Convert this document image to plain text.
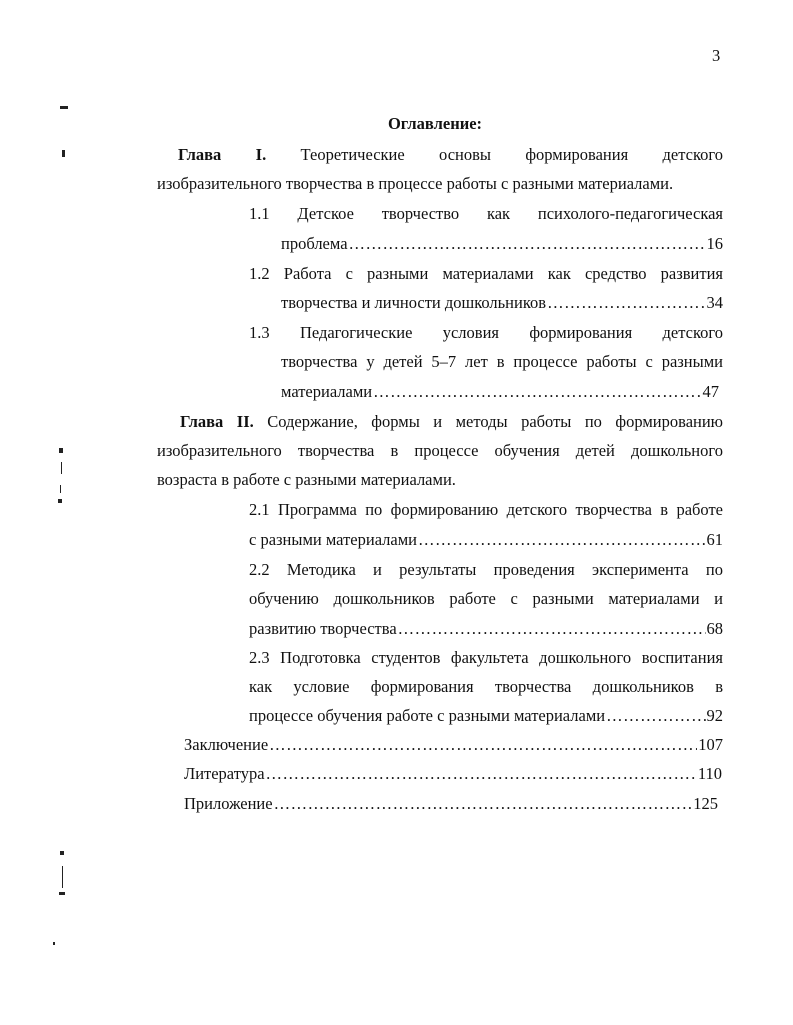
3
Оглавление:
Глава I. Теоретические основы формирования детского
изобразительного творчества в процессе работы с разными материалами.
1.1 Детское творчество как психолого-педагогическая
проблема …………………………………………………………………………………………………………………………………………………………	16
1.2 Работа с разными материалами как средство развития
творчества и личности дошкольников …………………………………………………………………………………………………………………………………………………………	34
1.3 Педагогические условия формирования детского
творчества у детей 5–7 лет в процессе работы с разными
материалами …………………………………………………………………………………………………………………………………………………………	47
Глава II. Содержание, формы и методы работы по формированию
изобразительного творчества в процессе обучения детей дошкольного
возраста в работе с разными материалами.
2.1 Программа по формированию детского творчества в работе
с разными материалами …………………………………………………………………………………………………………………………………………………………	61
2.2 Методика и результаты проведения эксперимента по
обучению дошкольников работе с разными материалами и
развитию творчества …………………………………………………………………………………………………………………………………………………………	68
2.3 Подготовка студентов факультета дошкольного воспитания
как условие формирования творчества дошкольников в
процессе обучения работе с разными материалами …………………………………………………………………………………………………………………………………………………………	92
Заключение …………………………………………………………………………………………………………………………………………………………	107
Литература …………………………………………………………………………………………………………………………………………………………	110
Приложение …………………………………………………………………………………………………………………………………………………………	125
